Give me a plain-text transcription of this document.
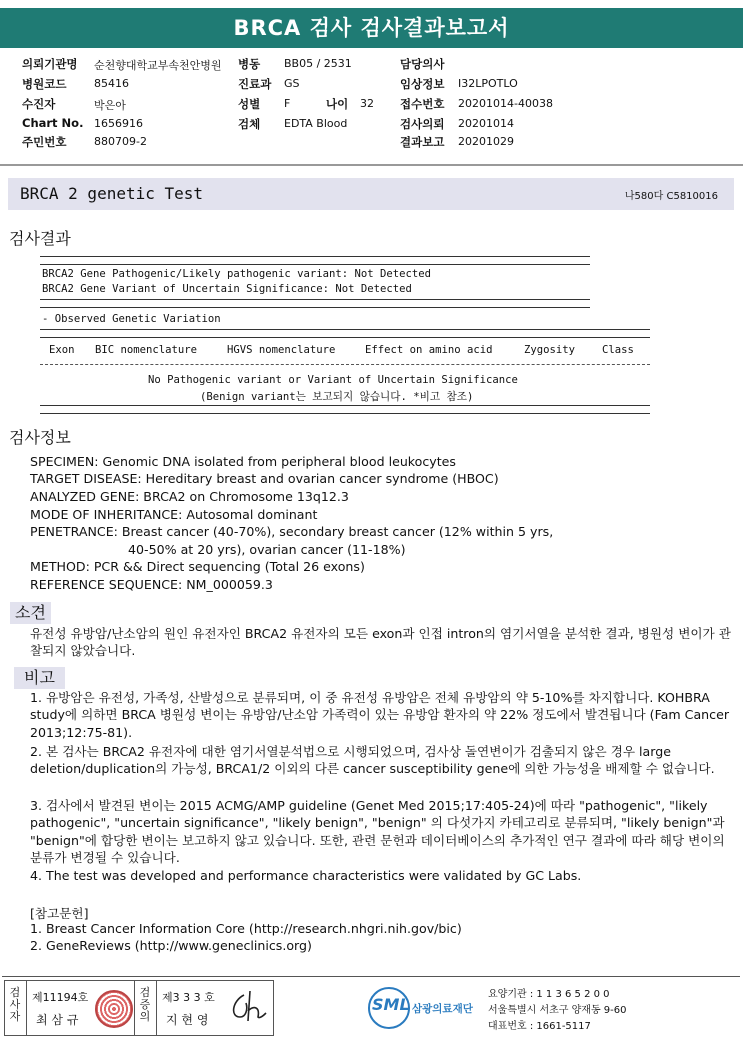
BRCA 검사 검사결과보고서
의뢰기관명 순천향대학교부속천안병원 병동 BB05 / 2531	담당의사
병원코드	85416	진료과 GS	임상정보 I32LPOTLO
수진자	박은아	성별 F	나이 32 접수번호 20201014-40038
Chart No. 1656916	검체 EDTA Blood	검사의뢰 20201014
주민번호	880709-2	결과보고 20201029
BRCA 2 genetic Test	나580다 C5810016
검사결과
BRCA2 Gene Pathogenic/Likely pathogenic variant: Not Detected
BRCA2 Gene Variant of Uncertain Significance: Not Detected
- Observed Genetic Variation
Exon BIC nomenclature	HGVS nomenclature	Effect on amino acid	Zygosity	Class
No Pathogenic variant or Variant of Uncertain Significance
(Benign variant는 보고되지 않습니다. *비고 참조)
검사정보
SPECIMEN: Genomic DNA isolated from peripheral blood leukocytes
TARGET DISEASE: Hereditary breast and ovarian cancer syndrome (HBOC)
ANALYZED GENE: BRCA2 on Chromosome 13q12.3
MODE OF INHERITANCE: Autosomal dominant
PENETRANCE: Breast cancer (40-70%), secondary breast cancer (12% within 5 yrs,
40-50% at 20 yrs), ovarian cancer (11-18%)
METHOD: PCR && Direct sequencing (Total 26 exons)
REFERENCE SEQUENCE: NM_000059.3
소견
유전성 유방암/난소암의 원인 유전자인 BRCA2 유전자의 모든 exon과 인접 intron의 염기서열을 분석한 결과, 병원성 변이가 관찰되지 않았습니다.
비고
1. 유방암은 유전성, 가족성, 산발성으로 분류되며, 이 중 유전성 유방암은 전체 유방암의 약 5-10%를 차지합니다. KOHBRA study에 의하면 BRCA 병원성 변이는 유방암/난소암 가족력이 있는 유방암 환자의 약 22% 정도에서 발견됩니다 (Fam Cancer 2013;12:75-81).
2. 본 검사는 BRCA2 유전자에 대한 염기서열분석법으로 시행되었으며, 검사상 돌연변이가 검출되지 않은 경우 large deletion/duplication의 가능성, BRCA1/2 이외의 다른 cancer susceptibility gene에 의한 가능성을 배제할 수 없습니다.
3. 검사에서 발견된 변이는 2015 ACMG/AMP guideline (Genet Med 2015;17:405-24)에 따라 "pathogenic", "likely pathogenic", "uncertain significance", "likely benign", "benign" 의 다섯가지 카테고리로 분류되며, "likely benign"과 "benign"에 합당한 변이는 보고하지 않고 있습니다. 또한, 관련 문헌과 데이터베이스의 추가적인 연구 결과에 따라 해당 변이의 분류가 변경될 수 있습니다.
4. The test was developed and performance characteristics were validated by GC Labs.
[참고문헌]
1. Breast Cancer Information Core (http://research.nhgri.nih.gov/bic)
2. GeneReviews (http://www.geneclinics.org)
검사자
제11194호
최 삼 규
검증의
제3 3 3 호
지 현 영
SML 삼광의료재단
요양기관 : 1 1 3 6 5 2 0 0
서울특별시 서초구 양재동 9-60
대표번호 : 1661-5117
